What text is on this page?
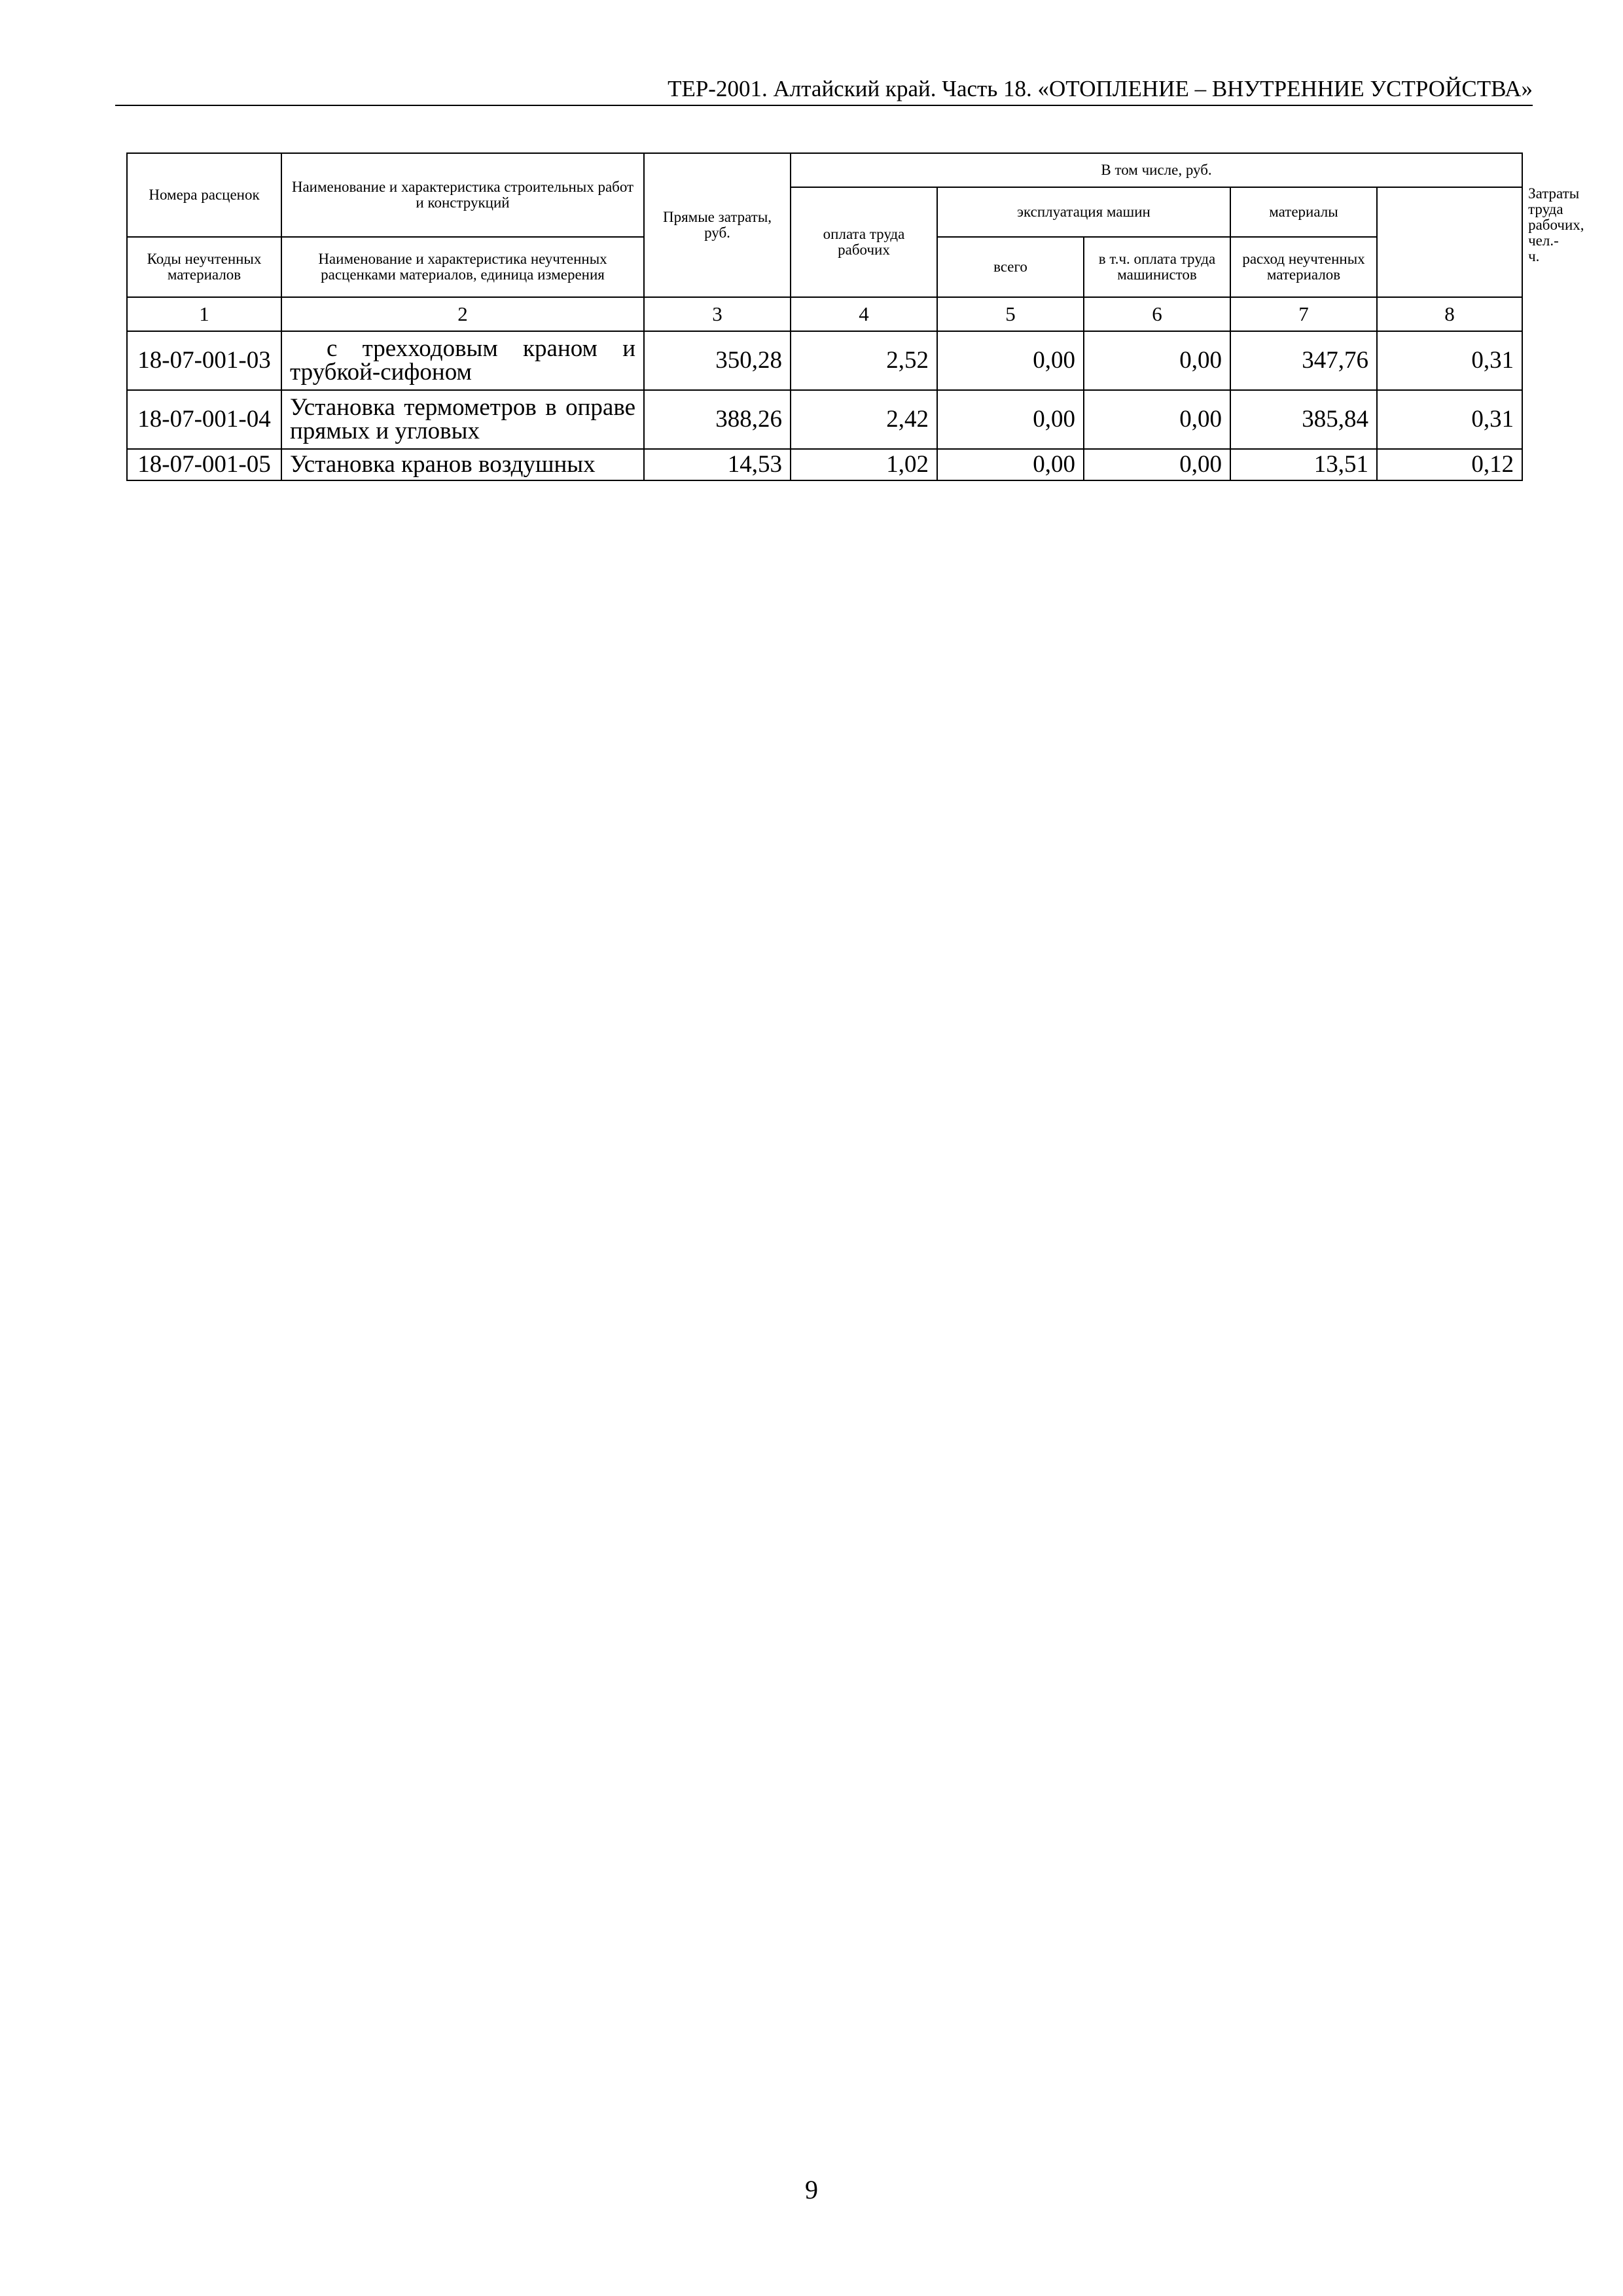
ТЕР-2001. Алтайский край. Часть 18. «ОТОПЛЕНИЕ – ВНУТРЕННИЕ УСТРОЙСТВА»
Номера расценок	Наименование и характеристика строительных работ и конструкций	Прямые затраты, руб.	В том числе, руб.					Затраты труда рабочих, чел.-ч.
			оплата труда рабочих	эксплуатация машин		материалы		
Коды неучтенных материалов	Наименование и характеристика неучтенных расценками материалов, единица измерения			всего	в т.ч. оплата труда машинистов	расход неучтенных материалов		
1	2	3	4	5	6	7	8	
18-07-001-03	с трехходовым краном и трубкой-сифоном	350,28	2,52	0,00	0,00	347,76	0,31	
18-07-001-04	Установка термометров в оправе прямых и угловых	388,26	2,42	0,00	0,00	385,84	0,31	
18-07-001-05	Установка кранов воздушных	14,53	1,02	0,00	0,00	13,51	0,12	
9
